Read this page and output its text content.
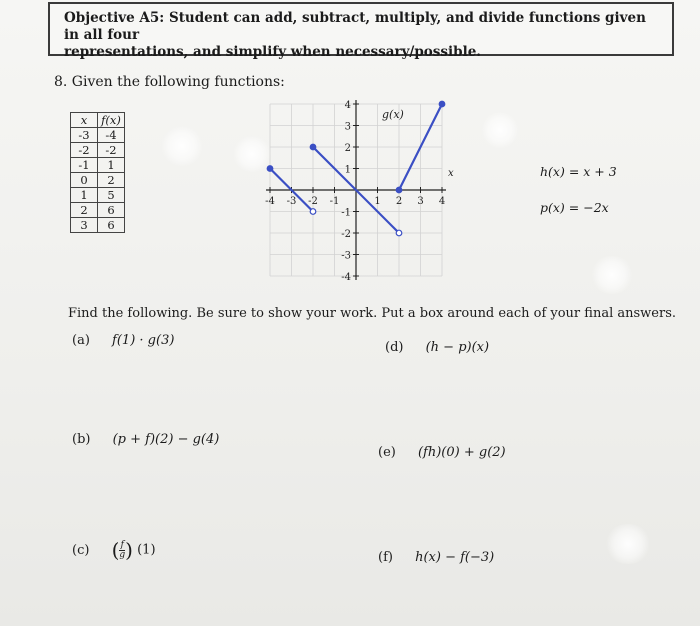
Objective A5: Student can add, subtract, multiply, and divide functions given in all four
representations, and simplify when necessary/possible.
8. Given the following functions:
x	f(x)
-3	-4
-2	-2
-1	1
0	2
1	5
2	6
3	6
-4 -3 -2 -1	1 2 3 4
4
3
2
1
-1
-2
-3
-4
g(x)
x	h(x) = x + 3
p(x) = −2x
Find the following. Be sure to show your work. Put a box around each of your final answers.
(a) f(1) · g(3)
(b) (p + f)(2) − g(4)
(c) ( $\frac{f}{g}$ ) (1)
(d) (h − p)(x)
(e) (fh)(0) + g(2)
(f) h(x) − f(−3)
